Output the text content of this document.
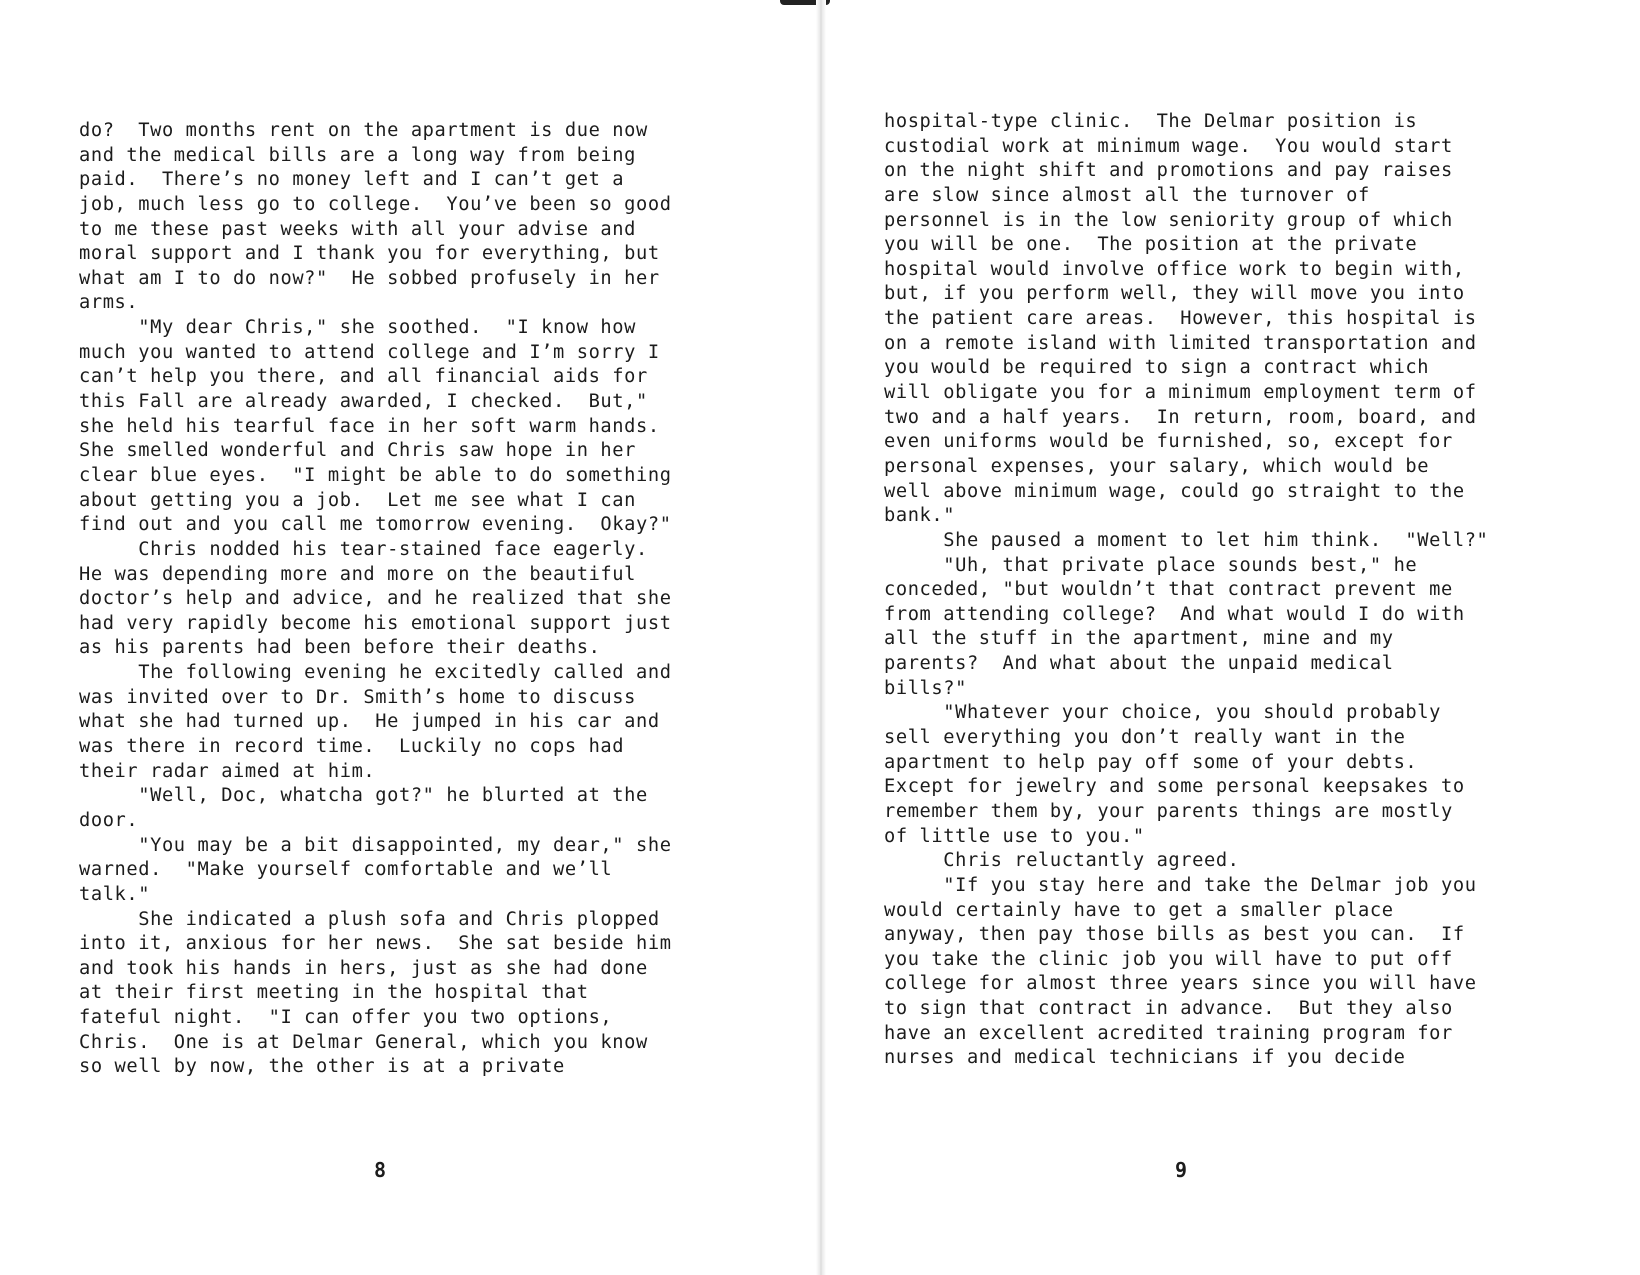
do?  Two months rent on the apartment is due now
and the medical bills are a long way from being
paid.  There’s no money left and I can’t get a
job, much less go to college.  You’ve been so good
to me these past weeks with all your advise and
moral support and I thank you for everything, but
what am I to do now?"  He sobbed profusely in her
arms.
"My dear Chris," she soothed.  "I know how
much you wanted to attend college and I’m sorry I
can’t help you there, and all financial aids for
this Fall are already awarded, I checked.  But,"
she held his tearful face in her soft warm hands.
She smelled wonderful and Chris saw hope in her
clear blue eyes.  "I might be able to do something
about getting you a job.  Let me see what I can
find out and you call me tomorrow evening.  Okay?"
Chris nodded his tear-stained face eagerly.
He was depending more and more on the beautiful
doctor’s help and advice, and he realized that she
had very rapidly become his emotional support just
as his parents had been before their deaths.
The following evening he excitedly called and
was invited over to Dr. Smith’s home to discuss
what she had turned up.  He jumped in his car and
was there in record time.  Luckily no cops had
their radar aimed at him.
"Well, Doc, whatcha got?" he blurted at the
door.
"You may be a bit disappointed, my dear," she
warned.  "Make yourself comfortable and we’ll
talk."
She indicated a plush sofa and Chris plopped
into it, anxious for her news.  She sat beside him
and took his hands in hers, just as she had done
at their first meeting in the hospital that
fateful night.  "I can offer you two options,
Chris.  One is at Delmar General, which you know
so well by now, the other is at a private
8
hospital-type clinic.  The Delmar position is
custodial work at minimum wage.  You would start
on the night shift and promotions and pay raises
are slow since almost all the turnover of
personnel is in the low seniority group of which
you will be one.  The position at the private
hospital would involve office work to begin with,
but, if you perform well, they will move you into
the patient care areas.  However, this hospital is
on a remote island with limited transportation and
you would be required to sign a contract which
will obligate you for a minimum employment term of
two and a half years.  In return, room, board, and
even uniforms would be furnished, so, except for
personal expenses, your salary, which would be
well above minimum wage, could go straight to the
bank."
She paused a moment to let him think.  "Well?"
"Uh, that private place sounds best," he
conceded, "but wouldn’t that contract prevent me
from attending college?  And what would I do with
all the stuff in the apartment, mine and my
parents?  And what about the unpaid medical
bills?"
"Whatever your choice, you should probably
sell everything you don’t really want in the
apartment to help pay off some of your debts.
Except for jewelry and some personal keepsakes to
remember them by, your parents things are mostly
of little use to you."
Chris reluctantly agreed.
"If you stay here and take the Delmar job you
would certainly have to get a smaller place
anyway, then pay those bills as best you can.  If
you take the clinic job you will have to put off
college for almost three years since you will have
to sign that contract in advance.  But they also
have an excellent acredited training program for
nurses and medical technicians if you decide
9
